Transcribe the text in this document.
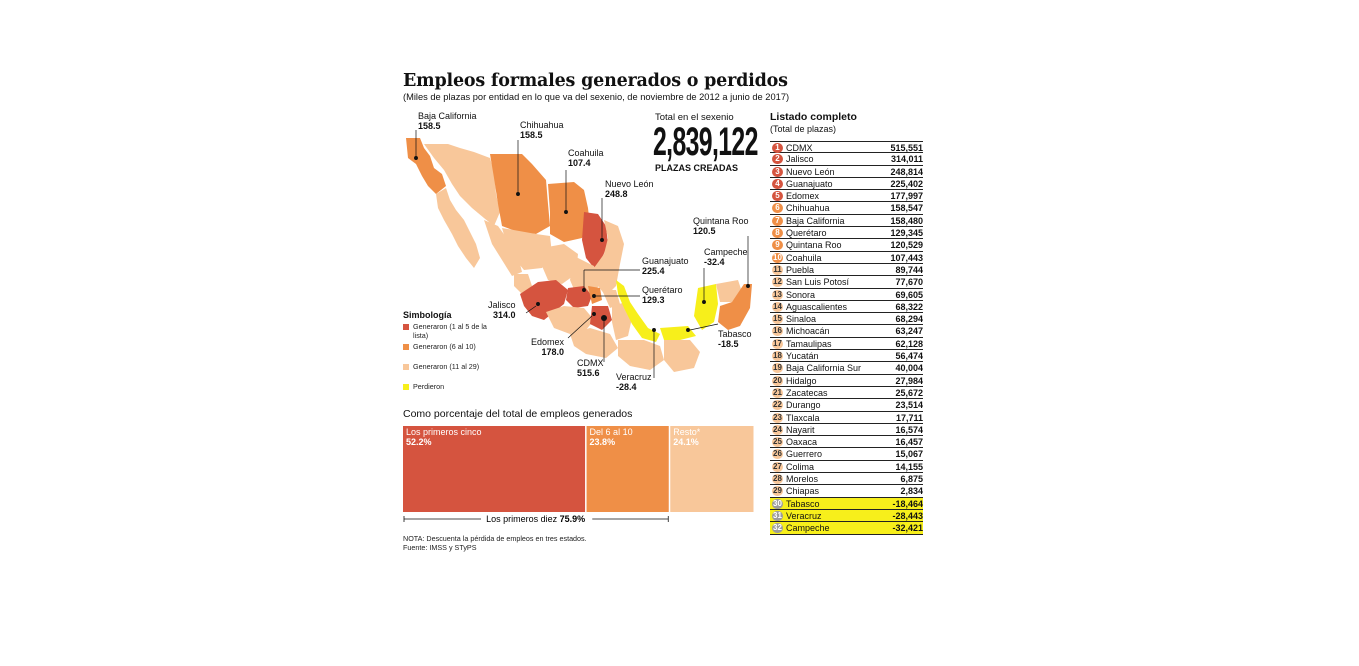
Empleos formales generados o perdidos
(Miles de plazas por entidad en lo que va del sexenio, de noviembre de 2012 a junio de 2017)
Baja California
158.5	Chihuahua
158.5
Coahuila
107.4
Nuevo León
248.8
Quintana Roo
120.5
Campeche
-32.4
Guanajuato
225.4
Querétaro
129.3
Jalisco
314.0
Tabasco
-18.5
Edomex
178.0
CDMX
515.6	Veracruz
-28.4
Total en el sexenio
2,839,122
PLAZAS CREADAS
Simbología
Generaron (1 al 5 de la lista)
Generaron (6 al 10)
Generaron (11 al 29)
Perdieron
Como porcentaje del total de empleos generados
Los primeros cinco
52.2%
Del 6 al 10
23.8%
Resto*
24.1%
Los primeros diez 75.9%
NOTA: Descuenta la pérdida de empleos en tres estados.
Fuente: IMSS y STyPS
Listado completo
(Total de plazas)
1 CDMX	515,551
2 Jalisco	314,011
3 Nuevo León	248,814
4 Guanajuato	225,402
5 Edomex	177,997
6 Chihuahua	158,547
7 Baja California	158,480
8 Querétaro	129,345
9 Quintana Roo	120,529
10 Coahuila	107,443
11 Puebla	89,744
12 San Luis Potosí	77,670
13 Sonora	69,605
14 Aguascalientes	68,322
15 Sinaloa	68,294
16 Michoacán	63,247
17 Tamaulipas	62,128
18 Yucatán	56,474
19 Baja California Sur	40,004
20 Hidalgo	27,984
21 Zacatecas	25,672
22 Durango	23,514
23 Tlaxcala	17,711
24 Nayarit	16,574
25 Oaxaca	16,457
26 Guerrero	15,067
27 Colima	14,155
28 Morelos	6,875
29 Chiapas	2,834
30 Tabasco	-18,464
31 Veracruz	-28,443
32 Campeche	-32,421
